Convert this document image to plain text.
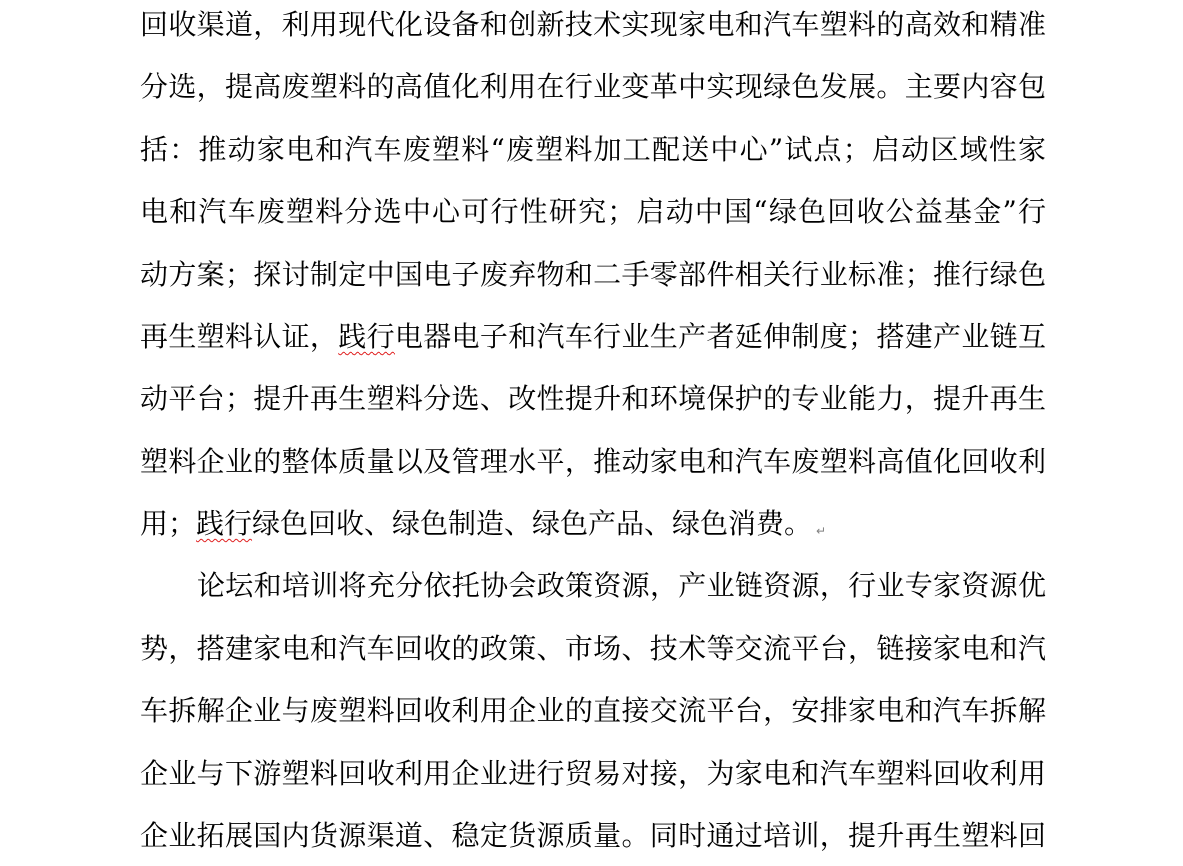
回收渠道，利用现代化设备和创新技术实现家电和汽车塑料的高效和精准
分选，提高废塑料的高值化利用在行业变革中实现绿色发展。主要内容包
括：推动家电和汽车废塑料“废塑料加工配送中心”试点；启动区域性家
电和汽车废塑料分选中心可行性研究；启动中国“绿色回收公益基金”行
动方案；探讨制定中国电子废弃物和二手零部件相关行业标准；推行绿色
再生塑料认证，践行电器电子和汽车行业生产者延伸制度；搭建产业链互
动平台；提升再生塑料分选、改性提升和环境保护的专业能力，提升再生
塑料企业的整体质量以及管理水平，推动家电和汽车废塑料高值化回收利
用；践行绿色回收、绿色制造、绿色产品、绿色消费。 ↵
论坛和培训将充分依托协会政策资源，产业链资源，行业专家资源优
势，搭建家电和汽车回收的政策、市场、技术等交流平台，链接家电和汽
车拆解企业与废塑料回收利用企业的直接交流平台，安排家电和汽车拆解
企业与下游塑料回收利用企业进行贸易对接，为家电和汽车塑料回收利用
企业拓展国内货源渠道、稳定货源质量。同时通过培训，提升再生塑料回
